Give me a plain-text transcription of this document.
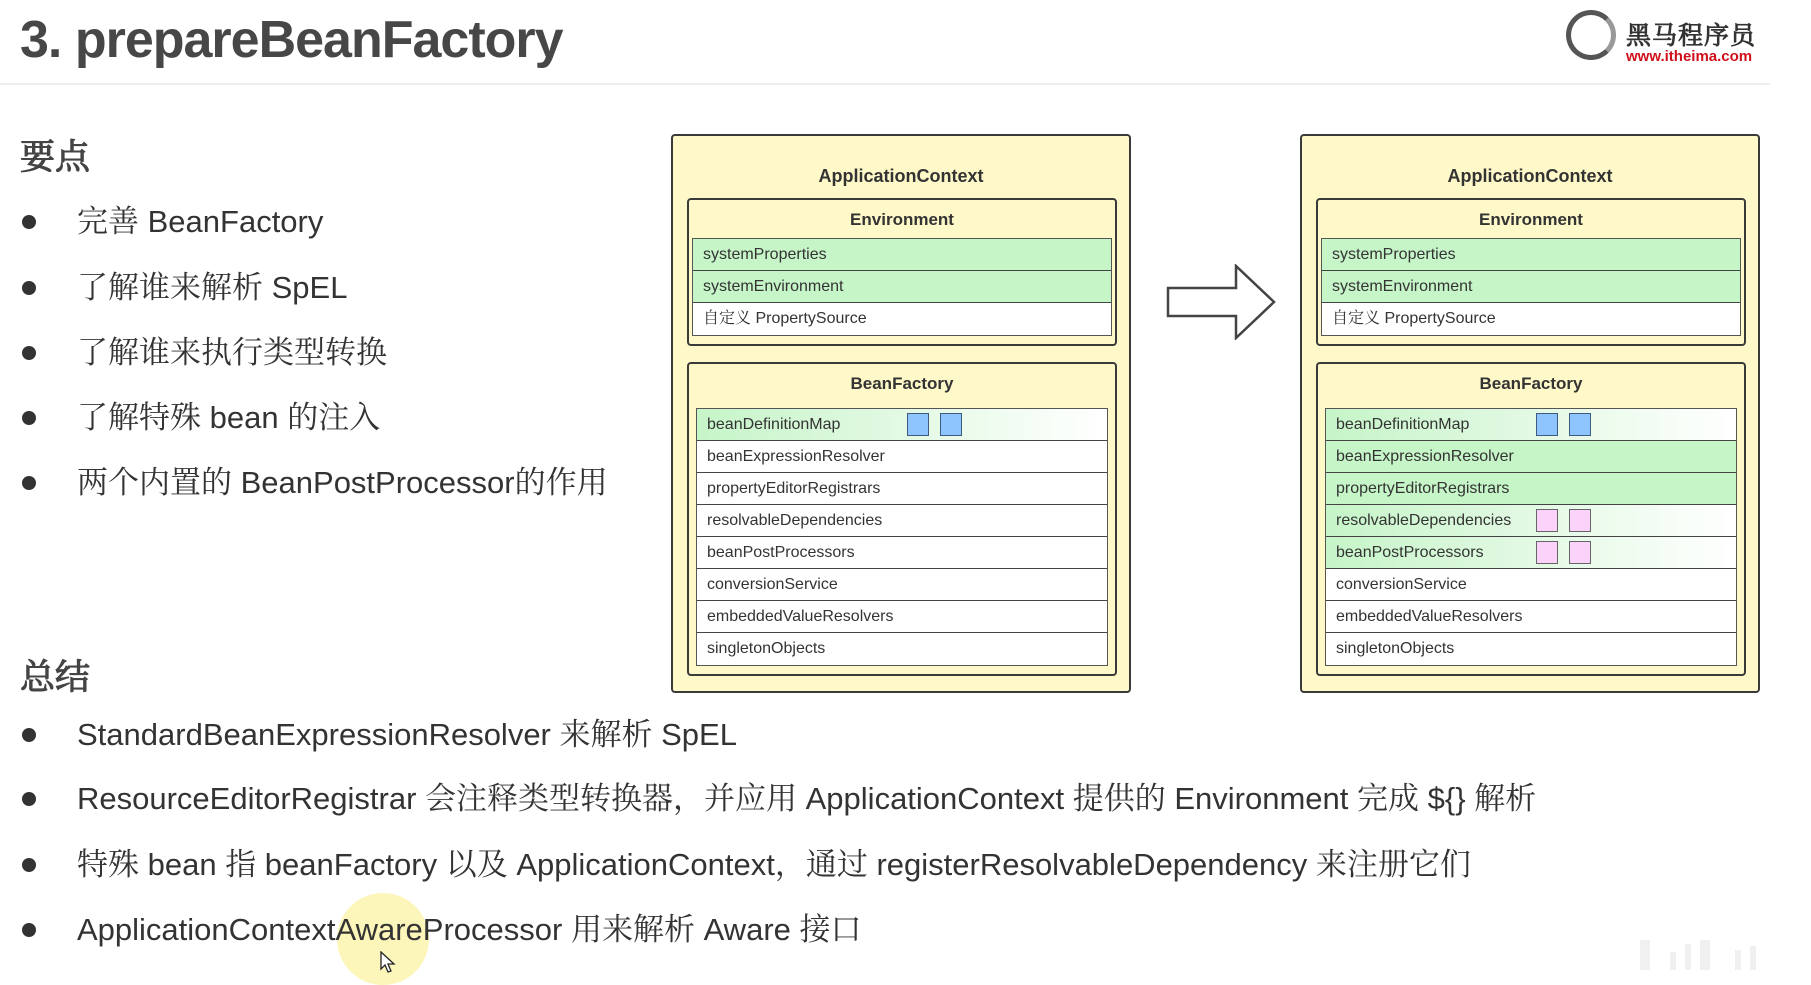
3. prepareBeanFactory	黑马程序员
www.itheima.com
要点
完善 BeanFactory
了解谁来解析 SpEL
了解谁来执行类型转换
了解特殊 bean 的注入
两个内置的 BeanPostProcessor的作用
总结
StandardBeanExpressionResolver 来解析 SpEL
ResourceEditorRegistrar 会注释类型转换器，并应用 ApplicationContext 提供的 Environment 完成 ${} 解析
特殊 bean 指 beanFactory 以及 ApplicationContext，通过 registerResolvableDependency 来注册它们
ApplicationContextAwareProcessor 用来解析 Aware 接口
ApplicationContext
Environment
systemProperties
systemEnvironment
自定义 PropertySource
BeanFactory
beanDefinitionMap
beanExpressionResolver
propertyEditorRegistrars
resolvableDependencies
beanPostProcessors
conversionService
embeddedValueResolvers
singletonObjects
ApplicationContext
Environment
systemProperties
systemEnvironment
自定义 PropertySource
BeanFactory
beanDefinitionMap
beanExpressionResolver
propertyEditorRegistrars
resolvableDependencies
beanPostProcessors
conversionService
embeddedValueResolvers
singletonObjects
